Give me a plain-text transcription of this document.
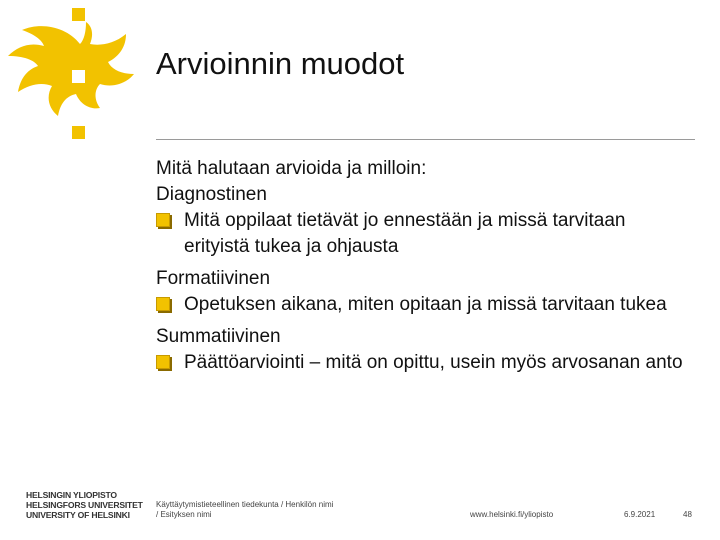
Arvioinnin muodot
Mitä halutaan arvioida ja milloin:
Diagnostinen
Mitä oppilaat tietävät jo ennestään ja missä tarvitaan erityistä tukea ja ohjausta
Formatiivinen
Opetuksen aikana, miten opitaan ja missä tarvitaan tukea
Summatiivinen
Päättöarviointi – mitä on opittu, usein myös arvosanan anto
HELSINGIN YLIOPISTO
HELSINGFORS UNIVERSITET
UNIVERSITY OF HELSINKI
Käyttäytymistieteellinen tiedekunta / Henkilön nimi
/ Esityksen nimi	www.helsinki.fi/yliopisto	6.9.2021	48
